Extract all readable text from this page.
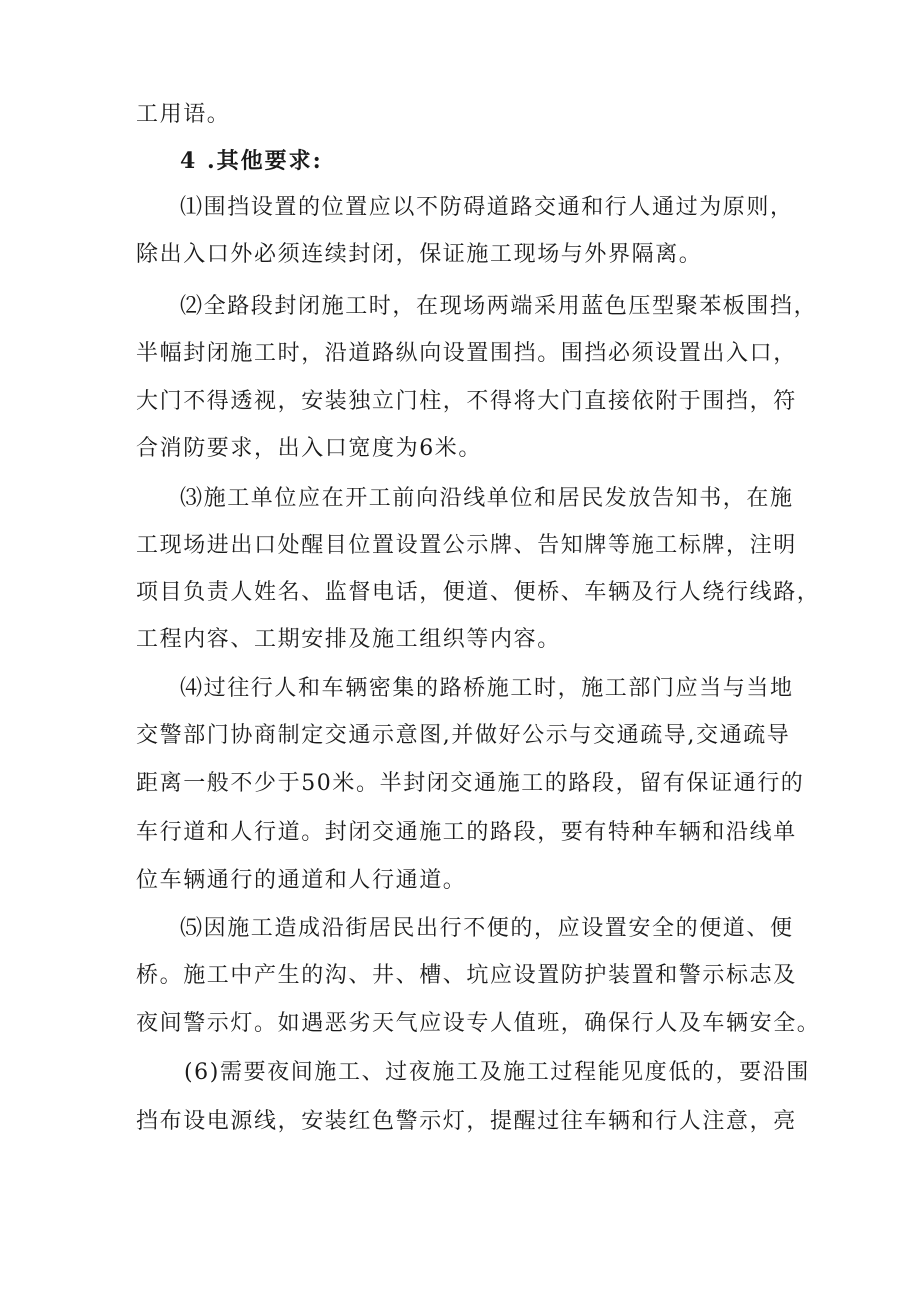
工用语。
4 .其他要求:
⑴围挡设置的位置应以不防碍道路交通和行人通过为原则，
除出入口外必须连续封闭，保证施工现场与外界隔离。
⑵全路段封闭施工时，在现场两端采用蓝色压型聚苯板围挡，
半幅封闭施工时，沿道路纵向设置围挡。围挡必须设置出入口，
大门不得透视，安装独立门柱，不得将大门直接依附于围挡，符
合消防要求，出入口宽度为6米。
⑶施工单位应在开工前向沿线单位和居民发放告知书，在施
工现场进出口处醒目位置设置公示牌、告知牌等施工标牌，注明
项目负责人姓名、监督电话，便道、便桥、车辆及行人绕行线路，
工程内容、工期安排及施工组织等内容。
⑷过往行人和车辆密集的路桥施工时，施工部门应当与当地
交警部门协商制定交通示意图,并做好公示与交通疏导,交通疏导
距离一般不少于50米。半封闭交通施工的路段，留有保证通行的
车行道和人行道。封闭交通施工的路段，要有特种车辆和沿线单
位车辆通行的通道和人行通道。
⑸因施工造成沿街居民出行不便的，应设置安全的便道、便
桥。施工中产生的沟、井、槽、坑应设置防护装置和警示标志及
夜间警示灯。如遇恶劣天气应设专人值班，确保行人及车辆安全。
(6)需要夜间施工、过夜施工及施工过程能见度低的，要沿围
挡布设电源线，安装红色警示灯，提醒过往车辆和行人注意，亮
